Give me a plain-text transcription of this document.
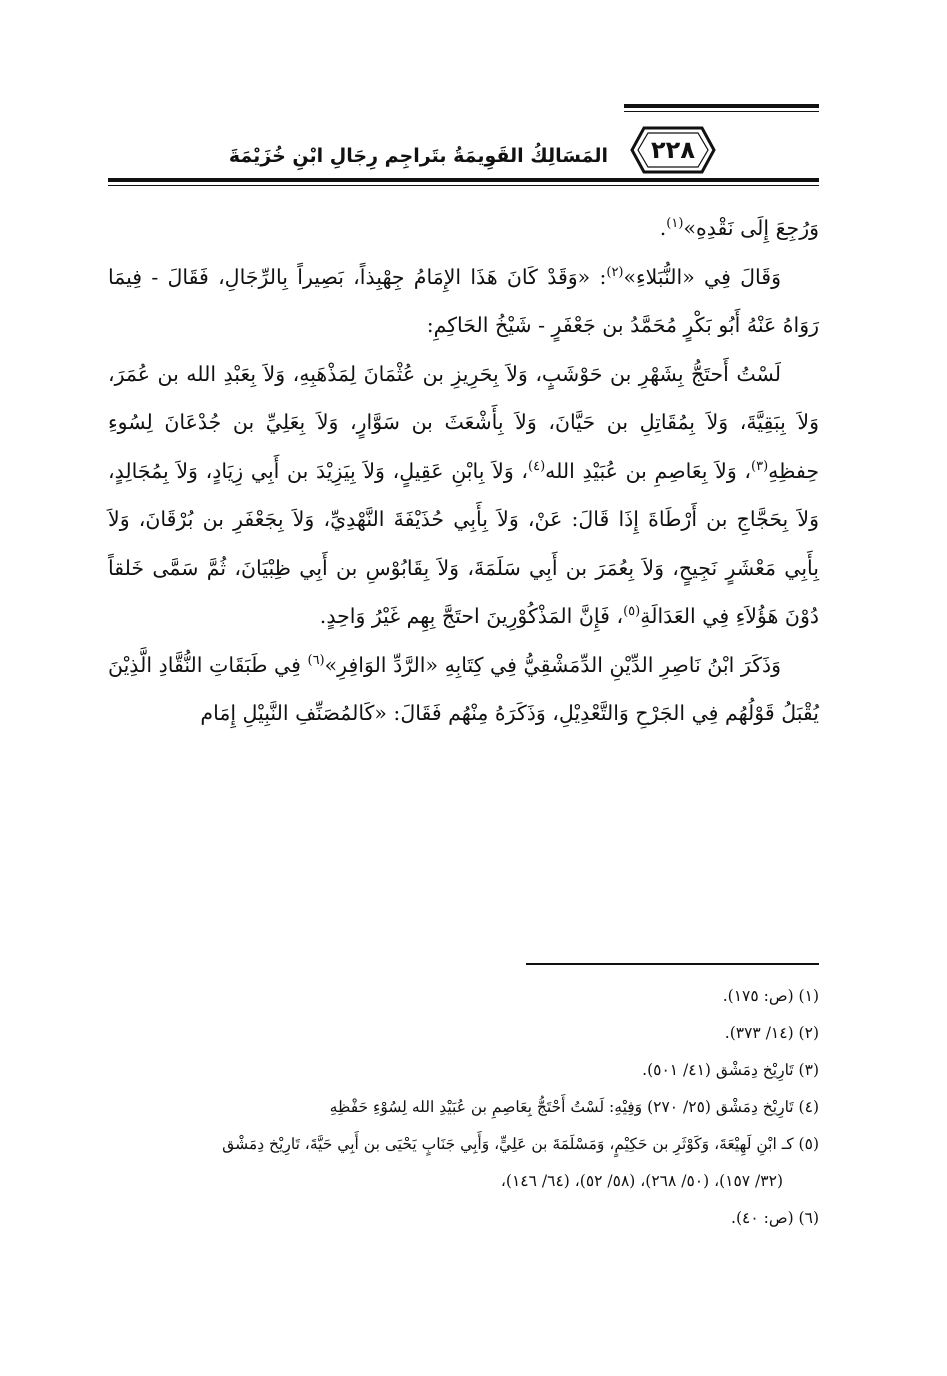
٢٢٨
المَسَالِكُ القَوِيمَةُ بتَراجِم رِجَالِ ابْنِ خُزَيْمَةَ

وَرُجِعَ إِلَى نَقْدِهِ»$^{(١)}$.

وَقَالَ فِي «النُّبَلاءِ»$^{(٢)}$: «وَقَدْ كَانَ هَذَا الإِمَامُ جِهْبِذاً، بَصِيراً بِالرِّجَالِ، فَقَالَ - فِيمَا رَوَاهُ عَنْهُ أَبُو بَكْرٍ مُحَمَّدُ بن جَعْفَرٍ - شَيْخُ الحَاكِمِ:

لَسْتُ أَحتَجُّ بِشَهْرِ بن حَوْشَبٍ، وَلاَ بِحَرِيزِ بن عُثْمَانَ لِمَذْهَبِهِ، وَلاَ بِعَبْدِ الله بن عُمَرَ، وَلاَ بِبَقِيَّةَ، وَلاَ بِمُقَاتِلِ بن حَيَّانَ، وَلاَ بِأَشْعَثَ بن سَوَّارٍ، وَلاَ بِعَلِيِّ بن جُدْعَانَ لِسُوءِ حِفظِهِ$^{(٣)}$، وَلاَ بِعَاصِمِ بن عُبَيْدِ الله$^{(٤)}$، وَلاَ بِابْنِ عَقِيلٍ، وَلاَ بِيَزِيْدَ بن أَبِي زِيَادٍ، وَلاَ بِمُجَالِدٍ، وَلاَ بِحَجَّاجِ بن أَرْطَاةَ إِذَا قَالَ: عَنْ، وَلاَ بِأَبِي حُذَيْفَةَ النَّهْدِيِّ، وَلاَ بِجَعْفَرِ بن بُرْقَانَ، وَلاَ بِأَبِي مَعْشَرٍ نَجِيحٍ، وَلاَ بِعُمَرَ بن أَبِي سَلَمَةَ، وَلاَ بِقَابُوْسِ بن أَبِي ظِبْيَانَ، ثُمَّ سَمَّى خَلقاً دُوْنَ هَؤُلاَءِ فِي العَدَالَةِ$^{(٥)}$، فَإِنَّ المَذْكُوْرِينَ احتَجَّ بِهِم غَيْرُ وَاحِدٍ.

وَذَكَرَ ابْنُ نَاصِرِ الدِّيْنِ الدِّمَشْقِيُّ فِي كِتَابِهِ «الرَّدِّ الوَافِرِ»$^{(٦)}$ فِي طَبَقَاتِ النُّقَّادِ الَّذِيْنَ يُقْبَلُ قَوْلُهُم فِي الجَرْحِ وَالتَّعْدِيْلِ، وَذَكَرَهُ مِنْهُم فَقَالَ: «كَالمُصَنِّفِ النَّبِيْلِ إِمَام

(١) (ص: ١٧٥).

(٢) (١٤/ ٣٧٣).

(٣) تَارِيْخ دِمَشْق (٤١/ ٥٠١).

(٤) تَارِيْخ دِمَشْق (٢٥/ ٢٧٠) وَفِيْهِ: لَسْتُ أَحْتَجُّ بِعَاصِمِ بن عُبَيْدِ الله لِسُوْءِ حَفْظِهِ

(٥) كـ ابْنِ لَهِيْعَةَ، وَكَوْثَرِ بن حَكِيْمٍ، وَمَسْلَمَةَ بن عَلِيٍّ، وَأَبِي جَنَابٍ يَحْيَى بن أَبِي حَيَّةَ، تَارِيْخ دِمَشْق

(٣٢/ ١٥٧)، (٥٠/ ٢٦٨)، (٥٨/ ٥٢)، (٦٤/ ١٤٦)،

(٦) (ص: ٤٠).
